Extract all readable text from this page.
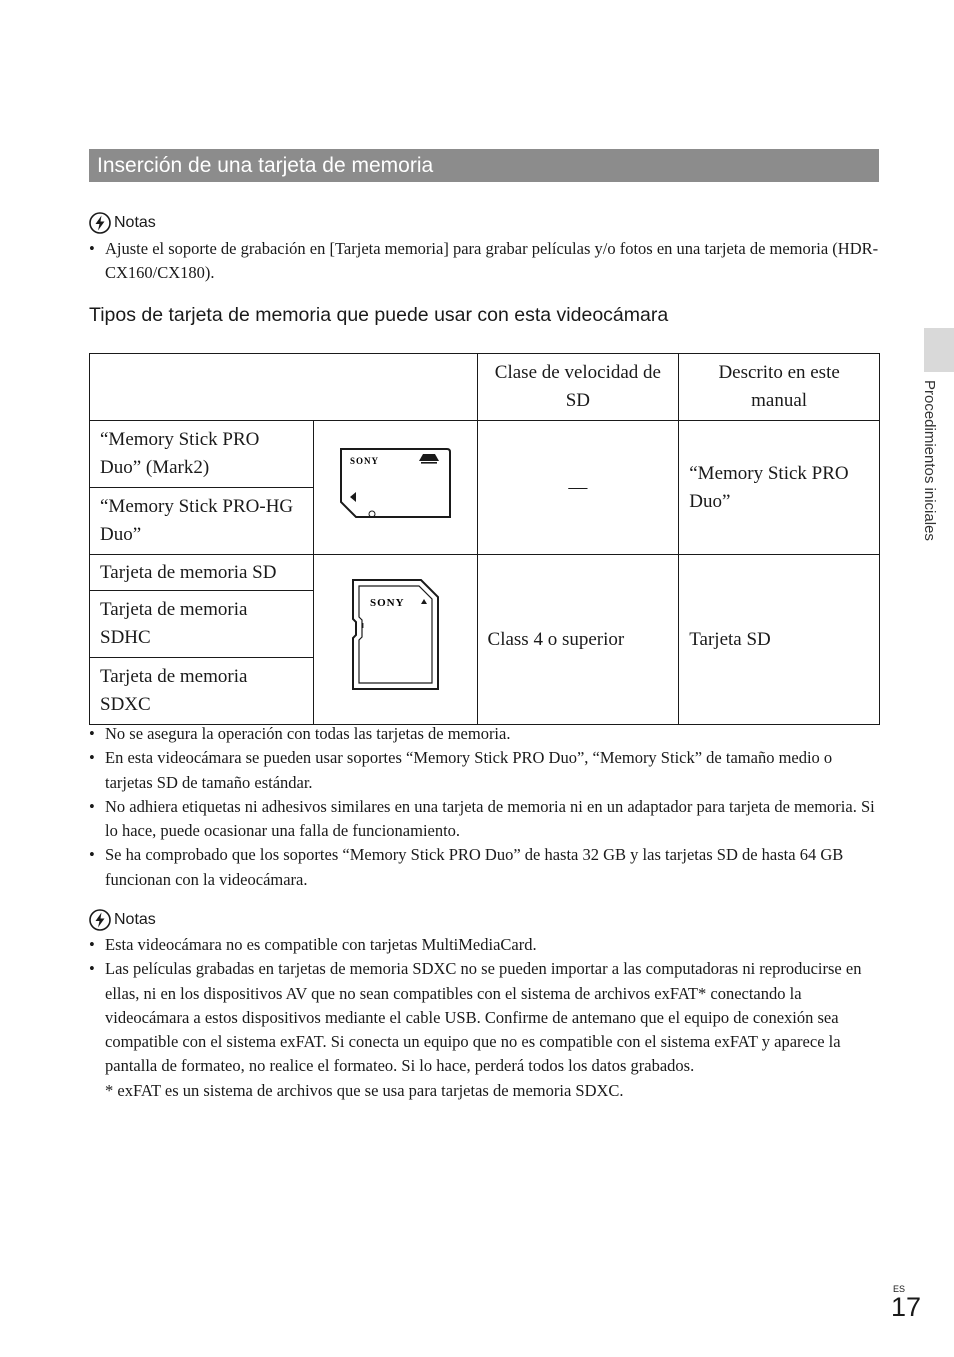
Inserción de una tarjeta de memoria
Notas
• Ajuste el soporte de grabación en [Tarjeta memoria] para grabar películas y/o fotos en una tarjeta de memoria (HDR-CX160/CX180).
Tipos de tarjeta de memoria que puede usar con esta videocámara
		Clase de velocidad de SD	Descrito en este manual
“Memory Stick PRO Duo” (Mark2)	SONY	—	“Memory Stick PRO Duo”
“Memory Stick PRO-HG Duo”			
Tarjeta de memoria SD	SONY	Class 4 o superior	Tarjeta SD
Tarjeta de memoria SDHC			
Tarjeta de memoria SDXC			
• No se asegura la operación con todas las tarjetas de memoria.
• En esta videocámara se pueden usar soportes “Memory Stick PRO Duo”, “Memory Stick” de tamaño medio o tarjetas SD de tamaño estándar.
• No adhiera etiquetas ni adhesivos similares en una tarjeta de memoria ni en un adaptador para tarjeta de memoria. Si lo hace, puede ocasionar una falla de funcionamiento.
• Se ha comprobado que los soportes “Memory Stick PRO Duo” de hasta 32 GB y las tarjetas SD de hasta 64 GB funcionan con la videocámara.
Notas
• Esta videocámara no es compatible con tarjetas MultiMediaCard.
• Las películas grabadas en tarjetas de memoria SDXC no se pueden importar a las computadoras ni reproducirse en ellas, ni en los dispositivos AV que no sean compatibles con el sistema de archivos exFAT* conectando la videocámara a estos dispositivos mediante el cable USB. Confirme de antemano que el equipo de conexión sea compatible con el sistema exFAT. Si conecta un equipo que no es compatible con el sistema exFAT y aparece la pantalla de formateo, no realice el formateo. Si lo hace, perderá todos los datos grabados.
* exFAT es un sistema de archivos que se usa para tarjetas de memoria SDXC.
Procedimientos iniciales
ES
17
